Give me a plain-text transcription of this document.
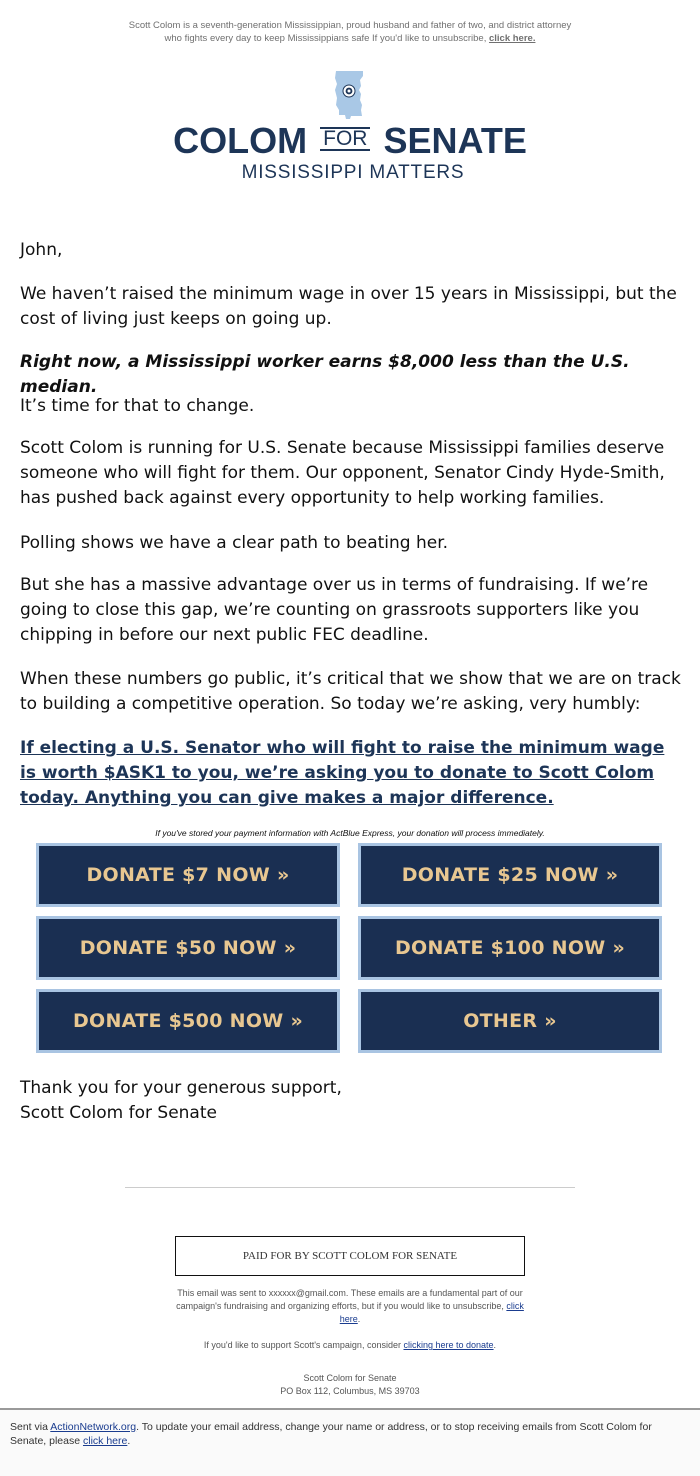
Scott Colom is a seventh-generation Mississippian, proud husband and father of two, and district attorney who fights every day to keep Mississippians safe If you'd like to unsubscribe, click here.
COLOM FOR SENATE
MISSISSIPPI MATTERS

John,

We haven’t raised the minimum wage in over 15 years in Mississippi, but the cost of living just keeps on going up.

Right now, a Mississippi worker earns $8,000 less than the U.S. median.

It’s time for that to change.

Scott Colom is running for U.S. Senate because Mississippi families deserve someone who will fight for them. Our opponent, Senator Cindy Hyde-Smith, has pushed back against every opportunity to help working families.

Polling shows we have a clear path to beating her.

But she has a massive advantage over us in terms of fundraising. If we’re going to close this gap, we’re counting on grassroots supporters like you chipping in before our next public FEC deadline.

When these numbers go public, it’s critical that we show that we are on track to building a competitive operation. So today we’re asking, very humbly:

If electing a U.S. Senator who will fight to raise the minimum wage is worth $ASK1 to you, we’re asking you to donate to Scott Colom today. Anything you can give makes a major difference.

If you've stored your payment information with ActBlue Express, your donation will process immediately.
DONATE $7 NOW »	DONATE $25 NOW »
DONATE $50 NOW »	DONATE $100 NOW »
DONATE $500 NOW »	OTHER »

Thank you for your generous support,

Scott Colom for Senate

PAID FOR BY SCOTT COLOM FOR SENATE
This email was sent to xxxxxx@gmail.com. These emails are a fundamental part of our campaign's fundraising and organizing efforts, but if you would like to unsubscribe, click here.
If you'd like to support Scott's campaign, consider clicking here to donate.
Scott Colom for Senate
PO Box 112, Columbus, MS 39703
Sent via ActionNetwork.org. To update your email address, change your name or address, or to stop receiving emails from Scott Colom for Senate, please click here.
